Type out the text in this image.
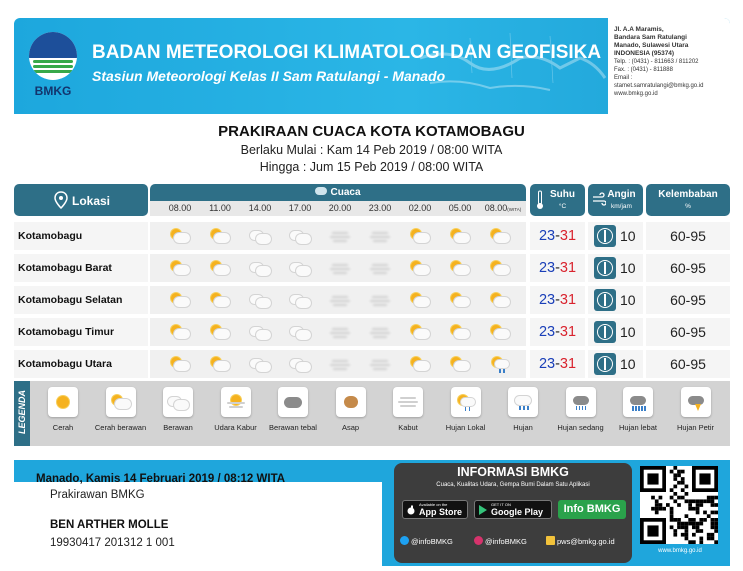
BMKG
BADAN METEOROLOGI KLIMATOLOGI DAN GEOFISIKA
Stasiun Meteorologi Kelas II Sam Ratulangi - Manado
Jl. A.A Maramis,
Bandara Sam Ratulangi
Manado, Sulawesi Utara
INDONESIA (95374)
Telp. : (0431) - 811663 / 811202
Fax. : (0431) - 811888
Email :
stamet.samratulangi@bmkg.go.id
www.bmkg.go.id
PRAKIRAAN CUACA KOTA KOTAMOBAGU
Berlaku Mulai : Kam 14 Peb 2019 / 08:00 WITA
Hingga : Jum 15 Peb 2019 / 08:00 WITA
Lokasi
Cuaca
08.00	11.00	14.00	17.00	20.00	23.00	02.00	05.00	08.00(WITA)
Suhu
°C
Angin
km/jam
Kelembaban
%
Kotamobagu	23-31	10	60-95
Kotamobagu Barat	23-31	10	60-95
Kotamobagu Selatan	23-31	10	60-95
Kotamobagu Timur	23-31	10	60-95
Kotamobagu Utara	23-31	10	60-95
LEGENDA	Cerah	Cerah berawan	Berawan	Udara Kabur	Berawan tebal	Asap	Kabut	Hujan Lokal	Hujan	Hujan sedang	Hujan lebat	Hujan Petir
Manado, Kamis 14 Februari 2019 / 08:12 WITA
Prakirawan BMKG
BEN ARTHER MOLLE
19930417 201312 1 001
INFORMASI BMKG
Cuaca, Kualitas Udara, Gempa Bumi Dalam Satu Aplikasi
Available on the
App Store
GET IT ON
Google Play	Info BMKG
@infoBMKG	@infoBMKG	pws@bmkg.go.id
www.bmkg.go.id
